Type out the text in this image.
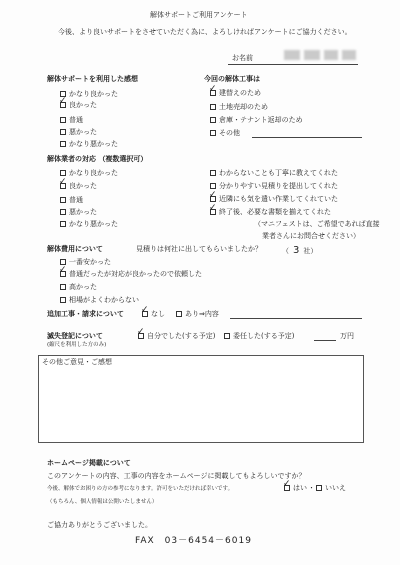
解体サポートご利用アンケート
今後、より良いサポートをさせていただく為に、よろしければアンケートにご協力ください。
お名前
解体サポートを利用した感想
かなり良かった
良かった
✓
普通
悪かった
かなり悪かった
今回の解体工事は
建替えのため
✓
土地売却のため
倉庫・テナント返却のため
その他
解体業者の対応 （複数選択可）
かなり良かった
良かった
✓
普通
悪かった
かなり悪かった
わからないことも丁寧に教えてくれた
分かりやすい見積りを提出してくれた
近隣にも気を遣い作業してくれていた
✓
終了後、必要な書類を揃えてくれた
✓
（マニフェストは、ご希望であれば直接
業者さんにお問合せください）
解体費用について	見積りは何社に出してもらいましたか？	（ 3 社）
一番安かった
普通だったが対応が良かったので依頼した
✓
高かった
相場がよくわからない
追加工事・請求について	なし
✓	あり⇒内容
滅失登記について
(縮尺を利用した方のみ)
自分でした(する予定)
✓	委任した(する予定)	万円
その他ご意見・ご感想
ホームページ掲載について
このアンケートの内容、工事の内容をホームページに掲載してもよろしいですか？
今後、解体でお困りの方の参考になります。許可をいただければ幸いです。	はい
✓ ・	いいえ
（もちろん、個人情報は公開いたしません）
ご協力ありがとうございました。
FAX　03－6454－6019
